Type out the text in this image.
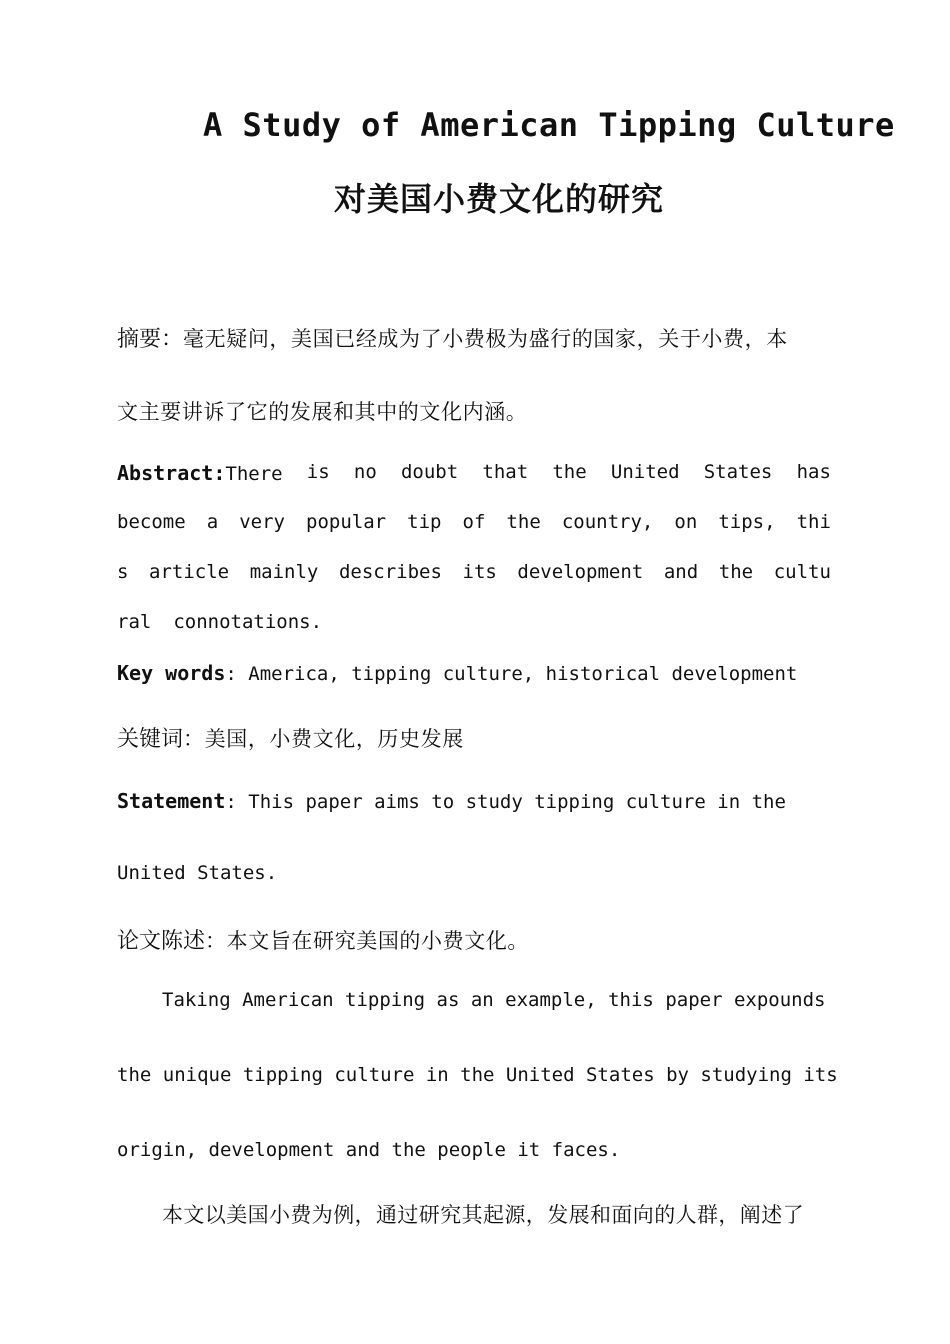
A Study of American Tipping Culture
对美国小费文化的研究
摘要：毫无疑问，美国已经成为了小费极为盛行的国家，关于小费，本
文主要讲诉了它的发展和其中的文化内涵。
Abstract:There is no doubt that the United States has
become a very popular tip of the country, on tips, thi
s article mainly describes its development and the cultu
ral connotations.
Key words: America, tipping culture, historical development
关键词：美国，小费文化，历史发展
Statement: This paper aims to study tipping culture in the
United States.
论文陈述：本文旨在研究美国的小费文化。
Taking American tipping as an example, this paper expounds
the unique tipping culture in the United States by studying its
origin, development and the people it faces.
本文以美国小费为例，通过研究其起源，发展和面向的人群，阐述了
